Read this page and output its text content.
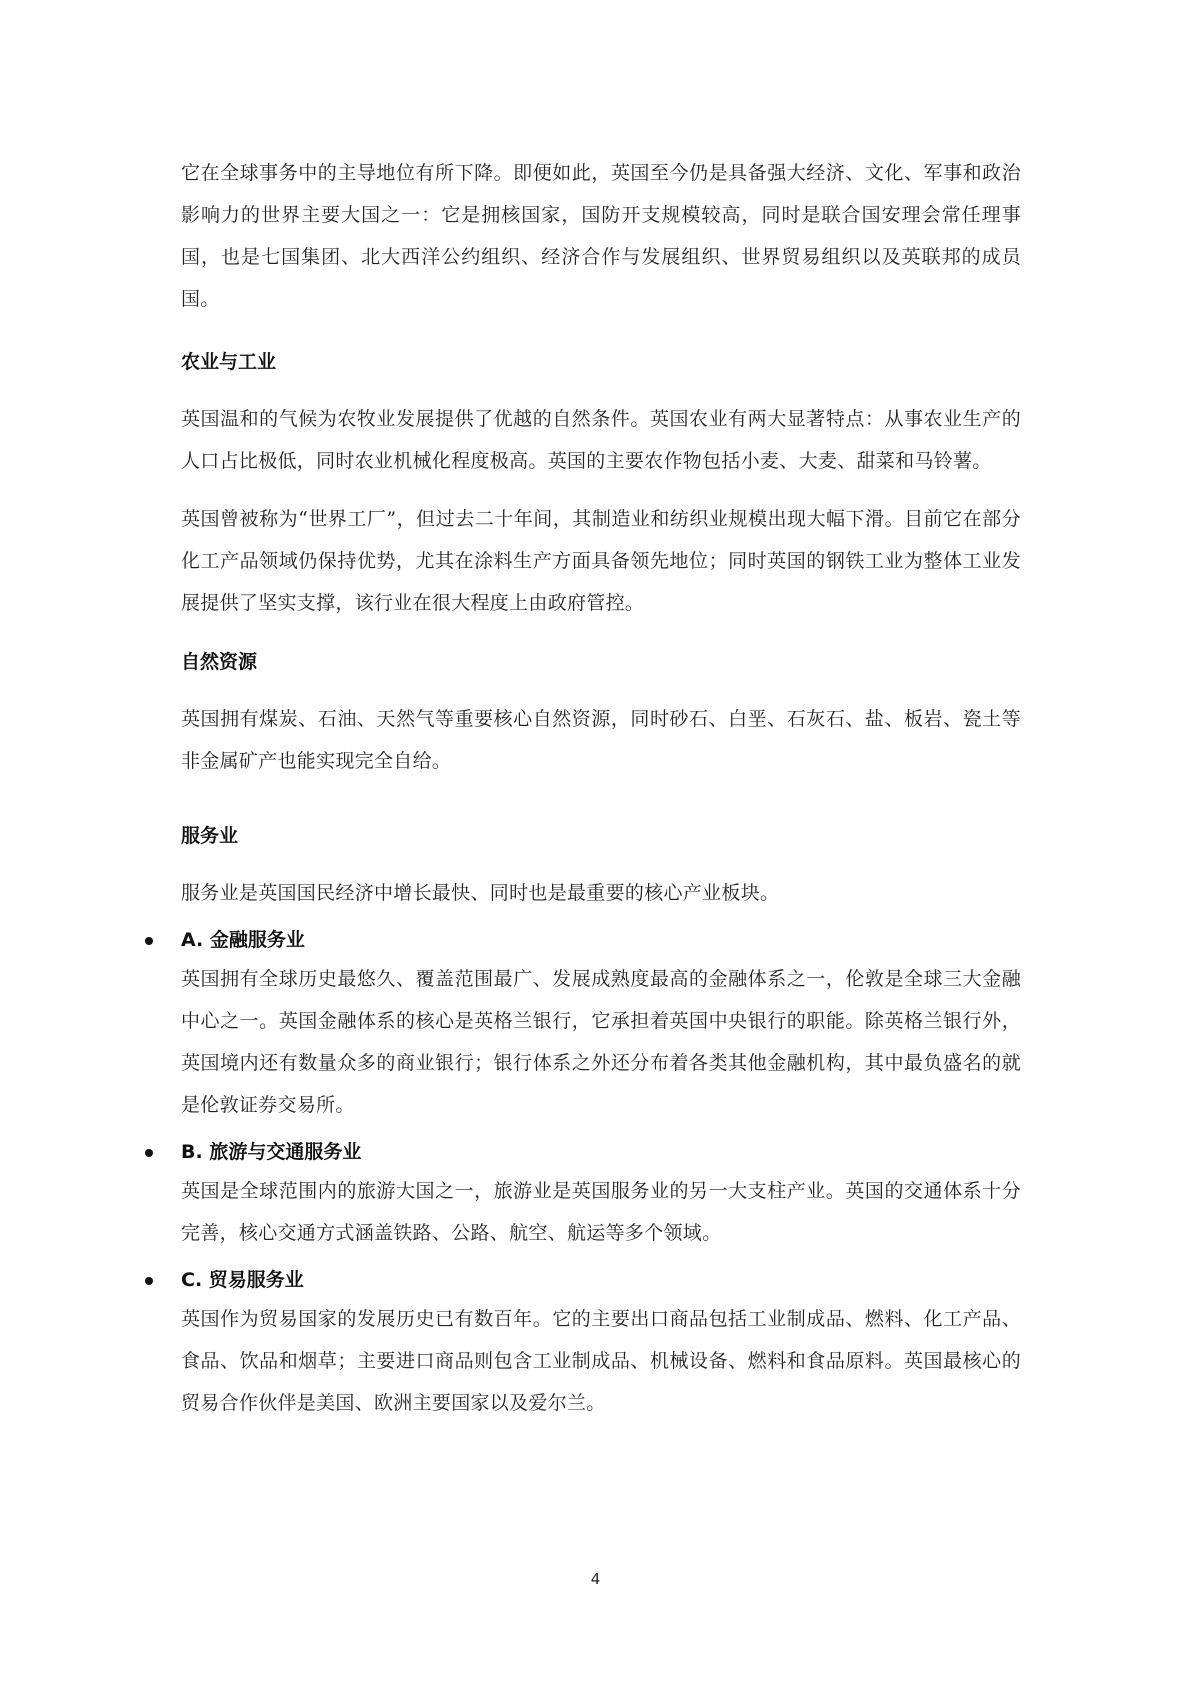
它在全球事务中的主导地位有所下降。即便如此，英国至今仍是具备强大经济、文化、军事和政治影响力的世界主要大国之一：它是拥核国家，国防开支规模较高，同时是联合国安理会常任理事国，也是七国集团、北大西洋公约组织、经济合作与发展组织、世界贸易组织以及英联邦的成员国。

农业与工业

英国温和的气候为农牧业发展提供了优越的自然条件。英国农业有两大显著特点：从事农业生产的人口占比极低，同时农业机械化程度极高。英国的主要农作物包括小麦、大麦、甜菜和马铃薯。

英国曾被称为“世界工厂”，但过去二十年间，其制造业和纺织业规模出现大幅下滑。目前它在部分化工产品领域仍保持优势，尤其在涂料生产方面具备领先地位；同时英国的钢铁工业为整体工业发展提供了坚实支撑，该行业在很大程度上由政府管控。

自然资源

英国拥有煤炭、石油、天然气等重要核心自然资源，同时砂石、白垩、石灰石、盐、板岩、瓷土等非金属矿产也能实现完全自给。

服务业

服务业是英国国民经济中增长最快、同时也是最重要的核心产业板块。

A. 金融服务业

英国拥有全球历史最悠久、覆盖范围最广、发展成熟度最高的金融体系之一，伦敦是全球三大金融中心之一。英国金融体系的核心是英格兰银行，它承担着英国中央银行的职能。除英格兰银行外，英国境内还有数量众多的商业银行；银行体系之外还分布着各类其他金融机构，其中最负盛名的就是伦敦证券交易所。

B. 旅游与交通服务业

英国是全球范围内的旅游大国之一，旅游业是英国服务业的另一大支柱产业。英国的交通体系十分完善，核心交通方式涵盖铁路、公路、航空、航运等多个领域。

C. 贸易服务业

英国作为贸易国家的发展历史已有数百年。它的主要出口商品包括工业制成品、燃料、化工产品、食品、饮品和烟草；主要进口商品则包含工业制成品、机械设备、燃料和食品原料。英国最核心的贸易合作伙伴是美国、欧洲主要国家以及爱尔兰。

4
